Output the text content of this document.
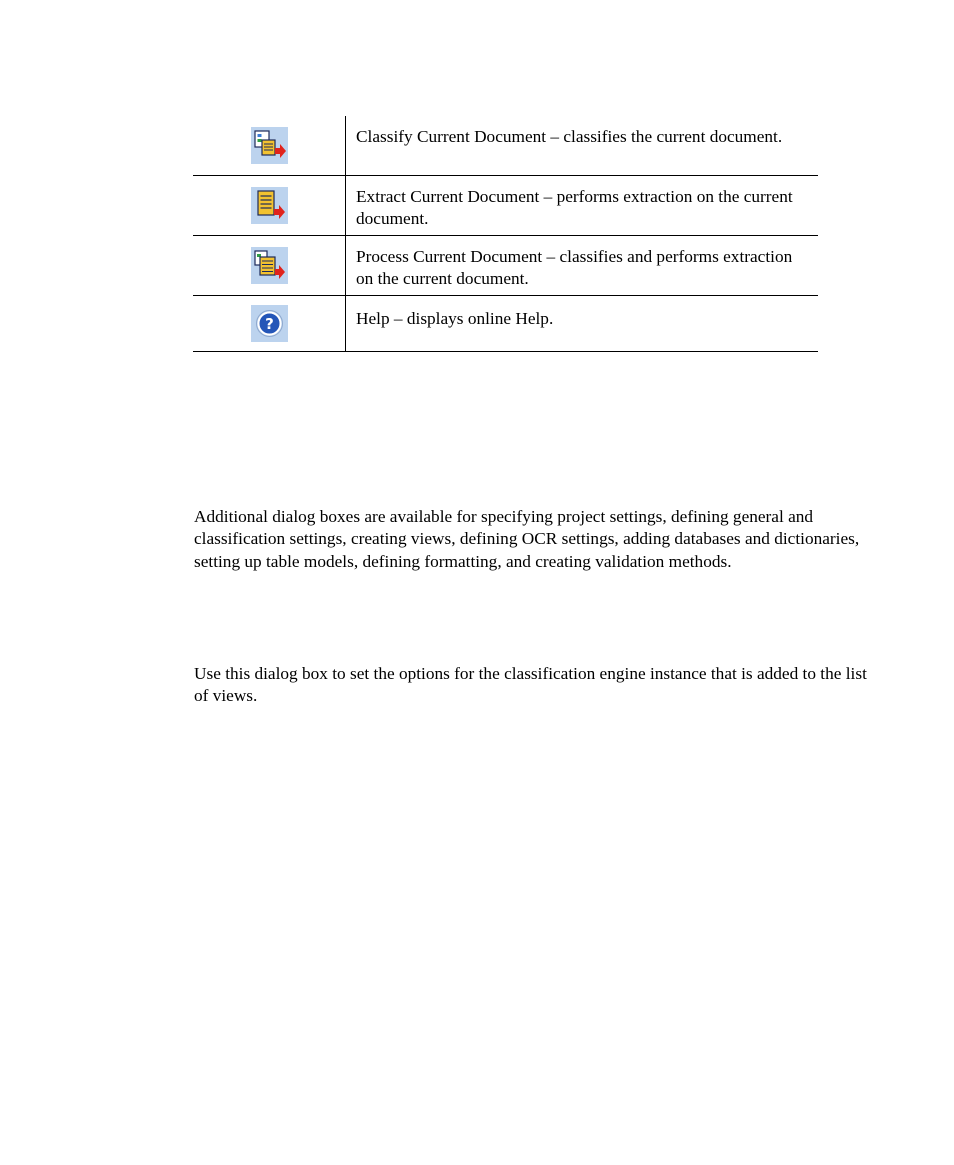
	Classify Current Document – classifies the current document.

	Extract Current Document – performs extraction on the current document.

	Process Current Document – classifies and performs extraction on the current document.

?	Help – displays online Help.

Additional dialog boxes are available for specifying project settings, defining general and classification settings, creating views, defining OCR settings, adding databases and dictionaries, setting up table models, defining formatting, and creating validation methods.

Use this dialog box to set the options for the classification engine instance that is added to the list of views.
